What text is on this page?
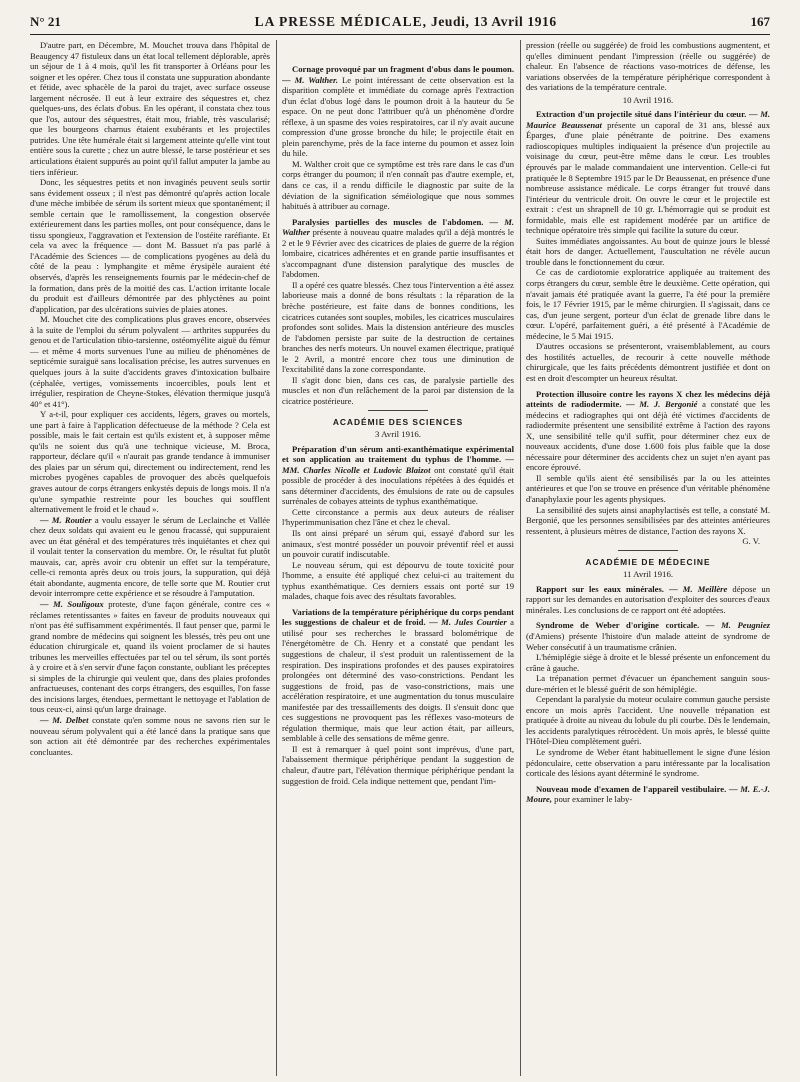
N° 21	LA PRESSE MÉDICALE, Jeudi, 13 Avril 1916	167

D'autre part, en Décembre, M. Mouchet trouva dans l'hôpital de Beaugency 47 fistuleux dans un état local tellement déplorable, après un séjour de 1 à 4 mois, qu'il les fit transporter à Orléans pour les soigner et les opérer. Chez tous il constata une suppuration abondante et fétide, avec sphacèle de la paroi du trajet, avec surface osseuse largement nécrosée. Il eut à leur extraire des séquestres et, chez quelques-uns, des éclats d'obus. En les opérant, il constata chez tous que l'os, autour des séquestres, était mou, friable, très vascularisé; que les bourgeons charnus étaient exubérants et les projectiles putrides. Une tête humérale était si largement atteinte qu'elle vint tout entière sous la curette ; chez un autre blessé, le tarse postérieur et ses articulations étaient suppurés au point qu'il fallut amputer la jambe au tiers inférieur.

Donc, les séquestres petits et non invaginés peuvent seuls sortir sans évidement osseux ; il n'est pas démontré qu'après action locale d'une mèche imbibée de sérum ils sortent mieux que spontanément; il semble certain que le ramollissement, la congestion observée extérieurement dans les parties molles, ont pour conséquence, dans le tissu spongieux, l'aggravation et l'extension de l'ostéite raréfiante. Et cela va avec la fréquence — dont M. Bassuet n'a pas parlé à l'Académie des Sciences — de complications pyogènes au delà du côté de la peau : lymphangite et même érysipèle auraient été observés, d'après les renseignements fournis par le médecin-chef de la formation, dans près de la moitié des cas. L'action irritante locale du produit est d'ailleurs démontrée par des phlyctènes au point d'application, par des ulcérations suivies de plaies atones.

M. Mouchet cite des complications plus graves encore, observées à la suite de l'emploi du sérum polyvalent — arthrites suppurées du genou et de l'articulation tibio-tarsienne, ostéomyélite aiguë du fémur — et même 4 morts survenues l'une au milieu de phénomènes de septicémie suraiguë sans localisation précise, les autres survenues en quelques jours à la suite d'accidents graves d'intoxication bulbaire (céphalée, vertiges, vomissements incoercibles, pouls lent et irrégulier, respiration de Cheyne-Stokes, élévation thermique jusqu'à 40° et 41°).

Y a-t-il, pour expliquer ces accidents, légers, graves ou mortels, une part à faire à l'application défectueuse de la méthode ? Cela est possible, mais le fait certain est qu'ils existent et, à supposer même qu'ils ne soient dus qu'à une technique vicieuse, M. Broca, rapporteur, déclare qu'il « n'aurait pas grande tendance à immuniser des plaies par un sérum qui, directement ou indirectement, rend les microbes pyogènes capables de provoquer des abcès quelquefois graves autour de corps étrangers enkystés depuis de longs mois. Il n'a qu'une sympathie restreinte pour les bouches qui soufflent alternativement le froid et le chaud ».

— M. Routier a voulu essayer le sérum de Leclainche et Vallée chez deux soldats qui avaient eu le genou fracassé, qui suppuraient avec un état général et des températures très inquiétantes et chez qui il voulait tenter la conservation du membre. Or, le résultat fut plutôt mauvais, car, après avoir cru obtenir un effet sur la température, celle-ci remonta après deux ou trois jours, la suppuration, qui déjà était abondante, augmenta encore, de telle sorte que M. Routier crut devoir interrompre cette expérience et se résoudre à l'amputation.

— M. Souligoux proteste, d'une façon générale, contre ces « réclames retentissantes » faites en faveur de produits nouveaux qui n'ont pas été suffisamment expérimentés. Il faut penser que, parmi le grand nombre de médecins qui soignent les blessés, très peu ont une éducation chirurgicale et, quand ils voient proclamer de si hautes tribunes les merveilles effectuées par tel ou tel sérum, ils sont portés à y croire et à s'en servir d'une façon constante, oubliant les préceptes si simples de la chirurgie qui veulent que, dans des plaies profondes anfractueuses, contenant des corps étrangers, des esquilles, l'on fasse des incisions larges, étendues, permettant le nettoyage et l'ablation de tous ceux-ci, ainsi qu'un large drainage.

— M. Delbet constate qu'en somme nous ne savons rien sur le nouveau sérum polyvalent qui a été lancé dans la pratique sans que son action ait été démontrée par des recherches expérimentales concluantes.

Cornage provoqué par un fragment d'obus dans le poumon. — M. Walther. Le point intéressant de cette observation est la disparition complète et immédiate du cornage après l'extraction d'un éclat d'obus logé dans le poumon droit à la hauteur du 5e espace. On ne peut donc l'attribuer qu'à un phénomène d'ordre réflexe, à un spasme des voies respiratoires, car il n'y avait aucune compression d'une grosse bronche du hile; le projectile était en plein parenchyme, près de la face interne du poumon et assez loin du hile.

M. Walther croit que ce symptôme est très rare dans le cas d'un corps étranger du poumon; il n'en connaît pas d'autre exemple, et, dans ce cas, il a rendu difficile le diagnostic par suite de la déviation de la signification séméiologique que nous sommes habitués à attribuer au cornage.

Paralysies partielles des muscles de l'abdomen. — M. Walther présente à nouveau quatre malades qu'il a déjà montrés le 2 et le 9 Février avec des cicatrices de plaies de guerre de la région lombaire, cicatrices adhérentes et en grande partie insuffisantes et s'accompagnant d'une distension paralytique des muscles de l'abdomen.

Il a opéré ces quatre blessés. Chez tous l'intervention a été assez laborieuse mais a donné de bons résultats : la réparation de la brèche postérieure, est faite dans de bonnes conditions, les cicatrices cutanées sont souples, mobiles, les cicatrices musculaires profondes sont solides. Mais la distension antérieure des muscles de l'abdomen persiste par suite de la destruction de certaines branches des nerfs moteurs. Un nouvel examen électrique, pratiqué le 2 Avril, a montré encore chez tous une diminution de l'excitabilité dans la zone correspondante.

Il s'agit donc bien, dans ces cas, de paralysie partielle des muscles et non d'un relâchement de la paroi par distension de la cicatrice postérieure.

ACADÉMIE DES SCIENCES
3 Avril 1916.

Préparation d'un sérum anti-exanthématique expérimental et son application au traitement du typhus de l'homme. — MM. Charles Nicolle et Ludovic Blaizot ont constaté qu'il était possible de procéder à des inoculations répétées à des équidés et sans déterminer d'accidents, des émulsions de rate ou de capsules surrénales de cobayes atteints de typhus exanthématique.

Cette circonstance a permis aux deux auteurs de réaliser l'hyperimmunisation chez l'âne et chez le cheval.

Ils ont ainsi préparé un sérum qui, essayé d'abord sur les animaux, s'est montré posséder un pouvoir préventif réel et aussi un pouvoir curatif indiscutable.

Le nouveau sérum, qui est dépourvu de toute toxicité pour l'homme, a ensuite été appliqué chez celui-ci au traitement du typhus exanthématique. Ces derniers essais ont porté sur 19 malades, chaque fois avec des résultats favorables.

Variations de la température périphérique du corps pendant les suggestions de chaleur et de froid. — M. Jules Courtier a utilisé pour ses recherches le brassard bolométrique de l'énergétomètre de Ch. Henry et a constaté que pendant les suggestions de chaleur, il s'est produit un ralentissement de la respiration. Des inspirations profondes et des pauses expiratoires prolongées ont déterminé des vaso-constrictions. Pendant les suggestions de froid, pas de vaso-constrictions, mais une accélération respiratoire, et une augmentation du tonus musculaire manifestée par des tressaillements des doigts. Il s'ensuit donc que ces suggestions ne provoquent pas les réflexes vaso-moteurs de régulation thermique, mais que leur action était, par ailleurs, semblable à celle des sensations de même genre.

Il est à remarquer à quel point sont imprévus, d'une part, l'abaissement thermique périphérique pendant la suggestion de chaleur, d'autre part, l'élévation thermique périphérique pendant la suggestion de froid. Cela indique nettement que, pendant l'im-

pression (réelle ou suggérée) de froid les combustions augmentent, et qu'elles diminuent pendant l'impression (réelle ou suggérée) de chaleur. En l'absence de réactions vaso-motrices de défense, les variations observées de la température périphérique correspondent à des variations de la température centrale.

10 Avril 1916.

Extraction d'un projectile situé dans l'intérieur du cœur. — M. Maurice Beaussenat présente un caporal de 31 ans, blessé aux Éparges, d'une plaie pénétrante de poitrine. Des examens radioscopiques multiples indiquaient la présence d'un projectile au voisinage du cœur, peut-être même dans le cœur. Les troubles éprouvés par le malade commandaient une intervention. Celle-ci fut pratiquée le 8 Septembre 1915 par le Dr Beaussenat, en présence d'une nombreuse assistance médicale. Le corps étranger fut trouvé dans l'intérieur du ventricule droit. On ouvre le cœur et le projectile est extrait : c'est un shrapnell de 10 gr. L'hémorragie qui se produit est formidable, mais elle est rapidement modérée par un artifice de technique opératoire très simple qui facilite la suture du cœur.

Suites immédiates angoissantes. Au bout de quinze jours le blessé était hors de danger. Actuellement, l'auscultation ne révèle aucun trouble dans le fonctionnement du cœur.

Ce cas de cardiotomie exploratrice appliquée au traitement des corps étrangers du cœur, semble être le deuxième. Cette opération, qui n'avait jamais été pratiquée avant la guerre, l'a été pour la première fois, le 17 Février 1915, par le même chirurgien. Il s'agissait, dans ce cas, d'un jeune sergent, porteur d'un éclat de grenade libre dans le cœur. L'opéré, parfaitement guéri, a été présenté à l'Académie de médecine, le 5 Mai 1915.

D'autres occasions se présenteront, vraisemblablement, au cours des hostilités actuelles, de recourir à cette nouvelle méthode chirurgicale, que les faits précédents démontrent justifiée et dont on est en droit d'escompter un heureux résultat.

Protection illusoire contre les rayons X chez les médecins déjà atteints de radiodermite. — M. J. Bergonié a constaté que les médecins et radiographes qui ont déjà été victimes d'accidents de radiodermite présentent une sensibilité extrême à l'action des rayons X, une sensibilité telle qu'il suffit, pour déterminer chez eux de nouveaux accidents, d'une dose 1.600 fois plus faible que la dose nécessaire pour déterminer des accidents chez un sujet n'en ayant pas encore éprouvé.

Il semble qu'ils aient été sensibilisés par la ou les atteintes antérieures et que l'on se trouve en présence d'un véritable phénomène d'anaphylaxie pour les agents physiques.

La sensibilité des sujets ainsi anaphylactisés est telle, a constaté M. Bergonié, que les personnes sensibilisées par des atteintes antérieures ressentent, à plusieurs mètres de distance, l'action des rayons X.

G. V.
ACADÉMIE DE MÉDECINE
11 Avril 1916.

Rapport sur les eaux minérales. — M. Meillère dépose un rapport sur les demandes en autorisation d'exploiter des sources d'eaux minérales. Les conclusions de ce rapport ont été adoptées.

Syndrome de Weber d'origine corticale. — M. Peugniez (d'Amiens) présente l'histoire d'un malade atteint de syndrome de Weber consécutif à un traumatisme crânien.

L'hémiplégie siège à droite et le blessé présente un enfoncement du crâne à gauche.

La trépanation permet d'évacuer un épanchement sanguin sous-dure-mérien et le blessé guérit de son hémiplégie.

Cependant la paralysie du moteur oculaire commun gauche persiste encore un mois après l'accident. Une nouvelle trépanation est pratiquée à droite au niveau du lobule du pli courbe. Dès le lendemain, les accidents paralytiques rétrocèdent. Un mois après, le blessé quitte l'Hôtel-Dieu complètement guéri.

Le syndrome de Weber étant habituellement le signe d'une lésion pédonculaire, cette observation a paru intéressante par la localisation corticale des lésions ayant déterminé le syndrome.

Nouveau mode d'examen de l'appareil vestibulaire. — M. E.-J. Moure, pour examiner le laby-
